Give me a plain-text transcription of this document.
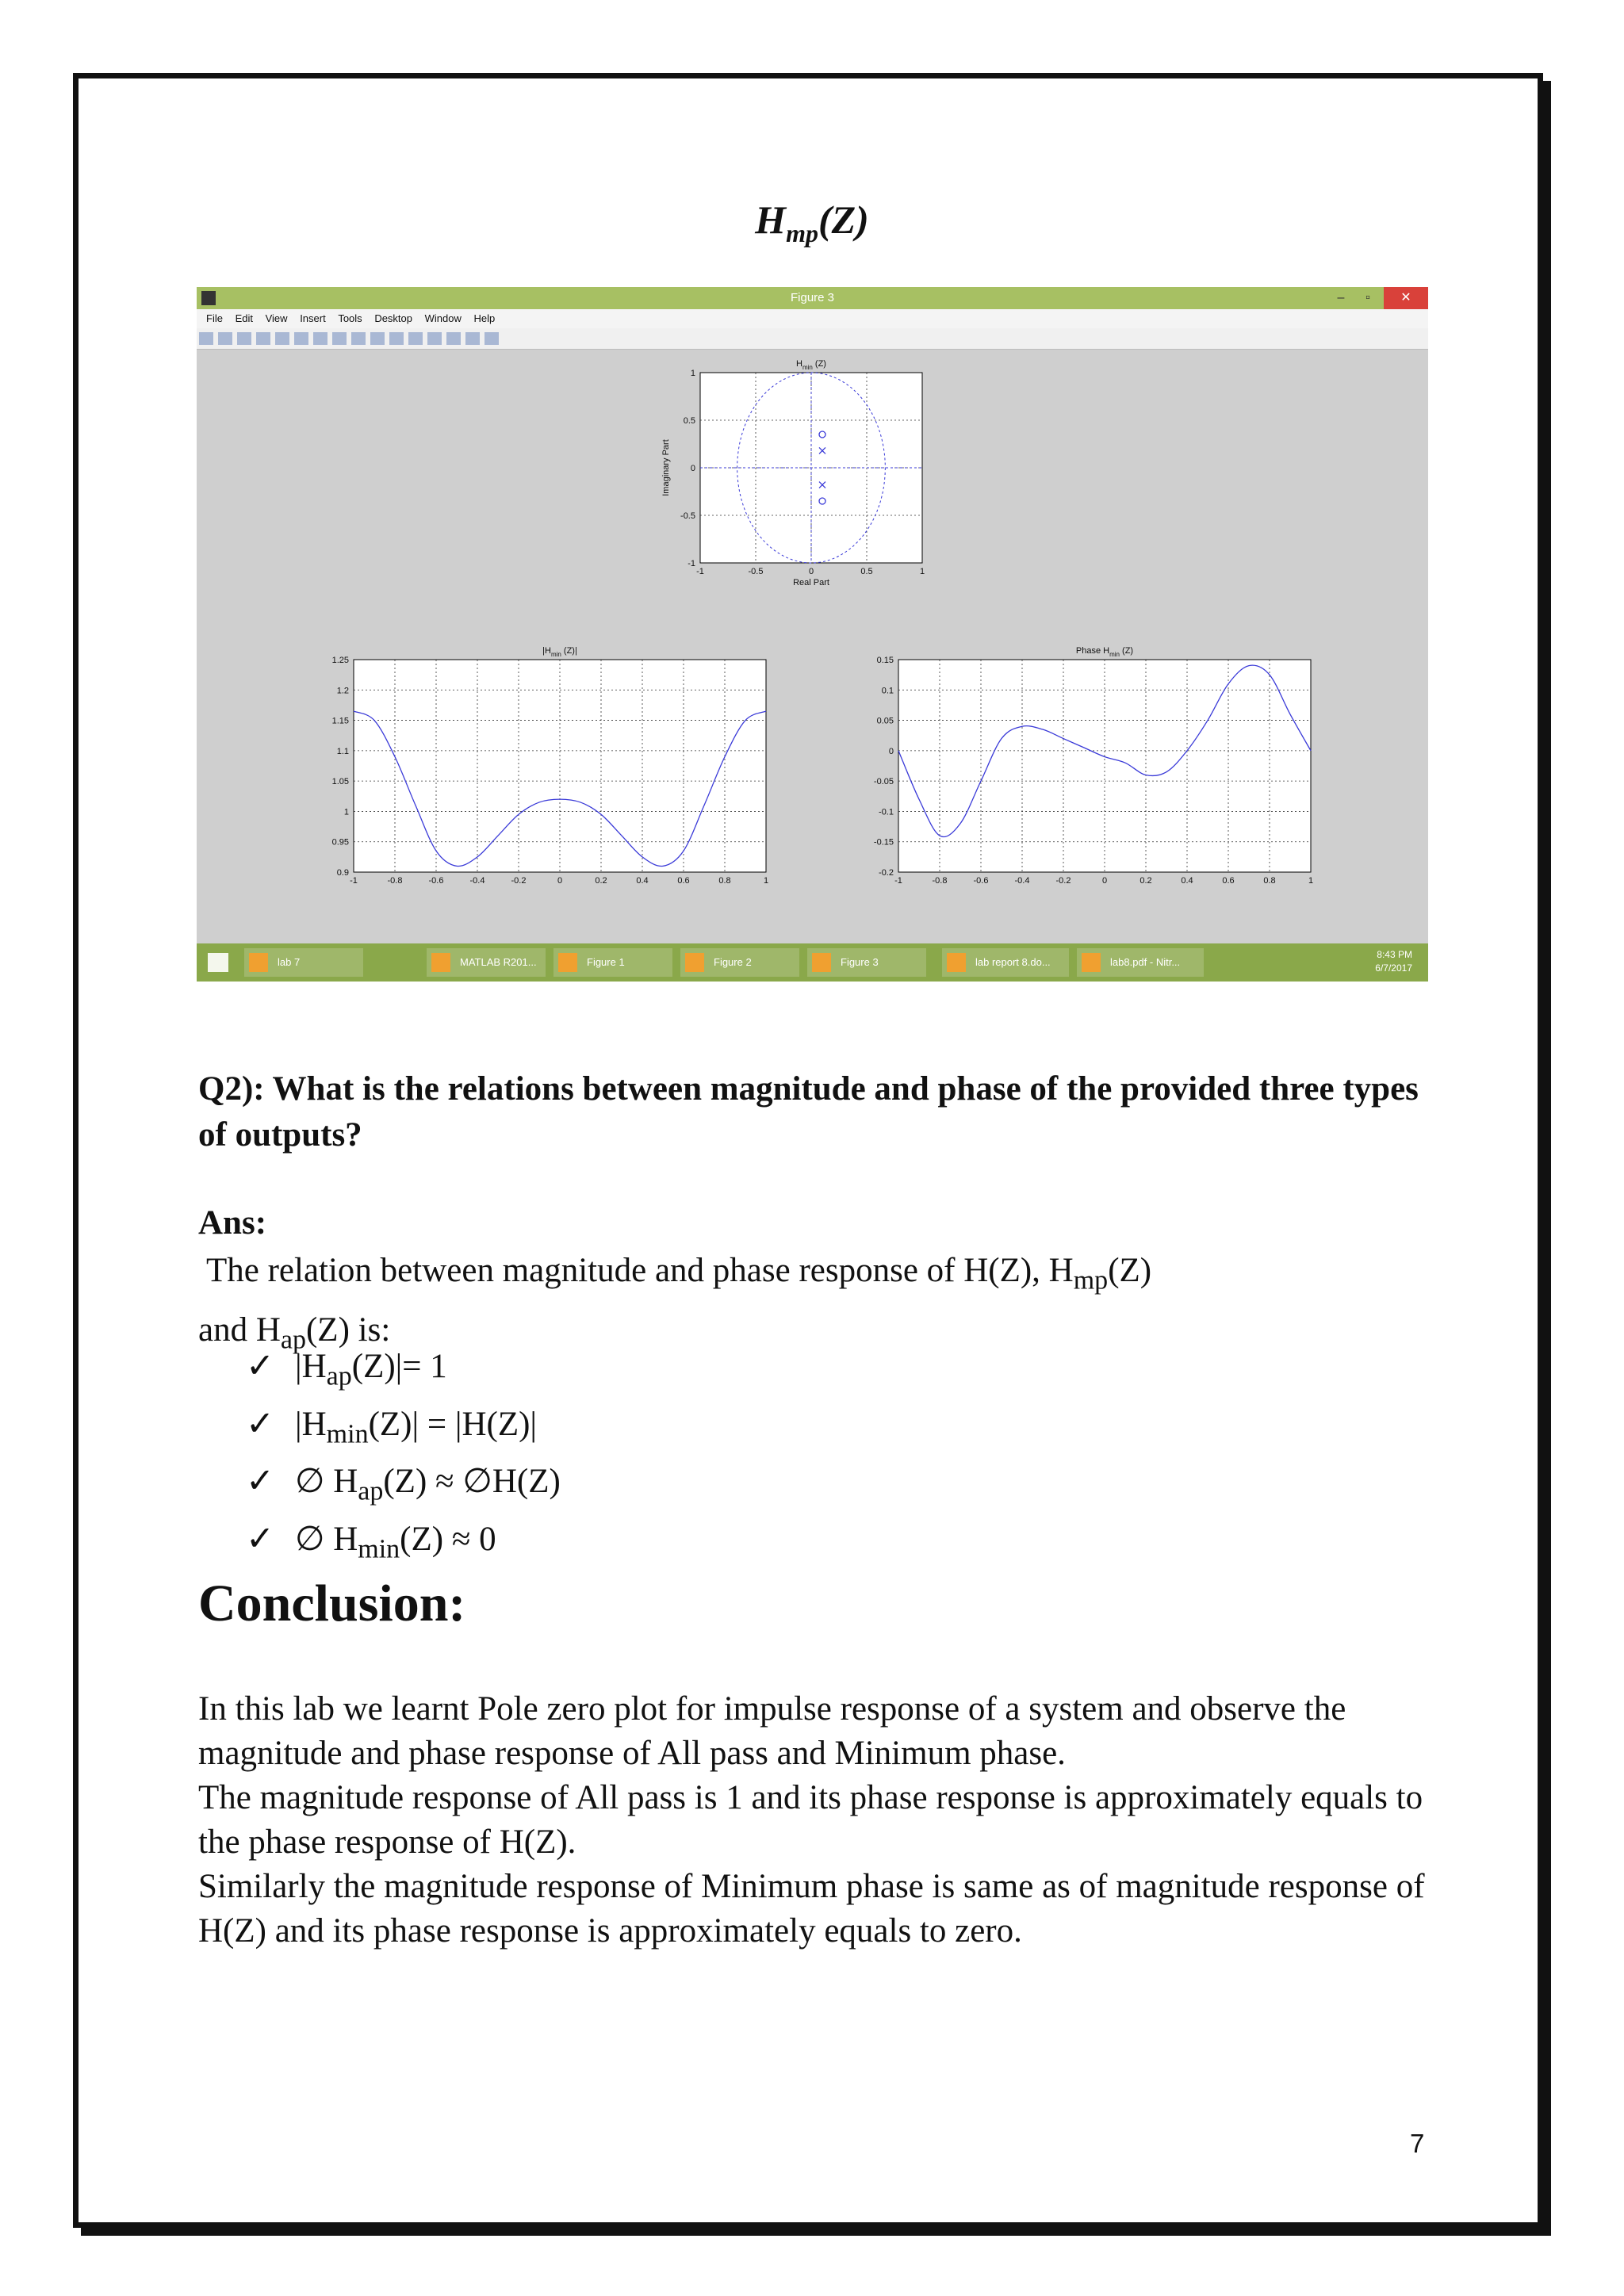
$H_{mp}(Z)$
Figure 3	–	▫	✕
File Edit View Insert Tools Desktop Window Help
-1	-0.5	0	0.5	1
1
0.5
0
-0.5
-1
$H_{min}$ (Z)
Real Part
Imaginary Part
-1	-0.8	-0.6	-0.4	-0.2	0	0.2	0.4	0.6	0.8	1
1.25
1.2
1.15
1.1
1.05
1
0.95
0.9
$|H_{min}$ (Z)|
-1	-0.8	-0.6	-0.4	-0.2	0	0.2	0.4	0.6	0.8	1
0.15
0.1
0.05
0
-0.05
-0.1
-0.15
-0.2
Phase $H_{min}$ (Z)
lab 7	MATLAB R201...	Figure 1	Figure 2	Figure 3	lab report 8.do...	lab8.pdf - Nitr...
8:43 PM
6/7/2017
Q2): What is the relations between magnitude and phase of the provided three types of outputs?
Ans:
The relation between magnitude and phase response of H(Z), $H_{mp}(Z)$
and $H_{ap}(Z)$ is:
✓ $|H_{ap}(Z)|= 1$
✓ $|H_{min}(Z)| = |H(Z)|$
✓ ∅ $H_{ap}(Z)$ ≈ ∅H(Z)
✓ ∅ $H_{min}(Z) \approx 0$
Conclusion:

In this lab we learnt Pole zero plot for impulse response of a system and observe the magnitude and phase response of All pass and Minimum phase.

The magnitude response of All pass is 1 and its phase response is approximately equals to the phase response of H(Z).

Similarly the magnitude response of Minimum phase is same as of magnitude response of H(Z) and its phase response is approximately equals to zero.

7
